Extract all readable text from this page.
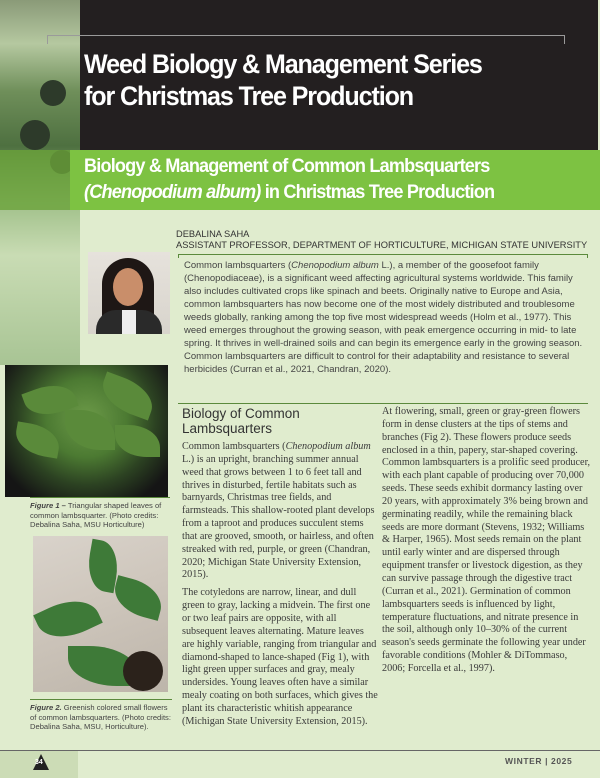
Weed Biology & Management Series
for Christmas Tree Production
Biology & Management of Common Lambsquarters
(Chenopodium album) in Christmas Tree Production
DEBALINA SAHA
ASSISTANT PROFESSOR, DEPARTMENT OF HORTICULTURE, MICHIGAN STATE UNIVERSITY

Common lambsquarters (Chenopodium album L.), a member of the goosefoot family (Chenopodiaceae), is a significant weed affecting agricultural systems worldwide. This family also includes cultivated crops like spinach and beets. Originally native to Europe and Asia, common lambsquarters has now become one of the most widely distributed and troublesome weeds globally, ranking among the top five most widespread weeds (Holm et al., 1977). This weed emerges throughout the growing season, with peak emergence occurring in mid- to late spring. It thrives in well-drained soils and can begin its emergence early in the growing season. Common lambsquarters are difficult to control for their adaptability and resistance to several herbicides (Curran et al., 2021, Chandran, 2020).

Figure 1 – Triangular shaped leaves of common lambsquarter. (Photo credits: Debalina Saha, MSU Horticulture)
Figure 2. Greenish colored small flowers of common lambsquarters. (Photo credits: Debalina Saha, MSU, Horticulture).
Biology of Common Lambsquarters

Common lambsquarters (Chenopodium album L.) is an upright, branching summer annual weed that grows between 1 to 6 feet tall and thrives in disturbed, fertile habitats such as barnyards, Christmas tree fields, and farmsteads. This shallow-rooted plant develops from a taproot and produces succulent stems that are grooved, smooth, or hairless, and often streaked with red, purple, or green (Chandran, 2020; Michigan State University Extension, 2015).

The cotyledons are narrow, linear, and dull green to gray, lacking a midvein. The first one or two leaf pairs are opposite, with all subsequent leaves alternating. Mature leaves are highly variable, ranging from triangular and diamond-shaped to lance-shaped (Fig 1), with light green upper surfaces and gray, mealy undersides. Young leaves often have a similar mealy coating on both surfaces, which gives the plant its characteristic whitish appearance (Michigan State University Extension, 2015).

At flowering, small, green or gray-green flowers form in dense clusters at the tips of stems and branches (Fig 2). These flowers produce seeds enclosed in a thin, papery, star-shaped covering. Common lambsquarters is a prolific seed producer, with each plant capable of producing over 70,000 seeds. These seeds exhibit dormancy lasting over 20 years, with approximately 3% being brown and germinating readily, while the remaining black seeds are more dormant (Stevens, 1932; Williams & Harper, 1965). Most seeds remain on the plant until early winter and are dispersed through equipment transfer or livestock digestion, as they can survive passage through the digestive tract (Curran et al., 2021). Germination of common lambsquarters seeds is influenced by light, temperature fluctuations, and nitrate presence in the soil, although only 10–30% of the current season's seeds germinate the following year under favorable conditions (Mohler & DiTommaso, 2006; Forcella et al., 1997).

34	WINTER | 2025
